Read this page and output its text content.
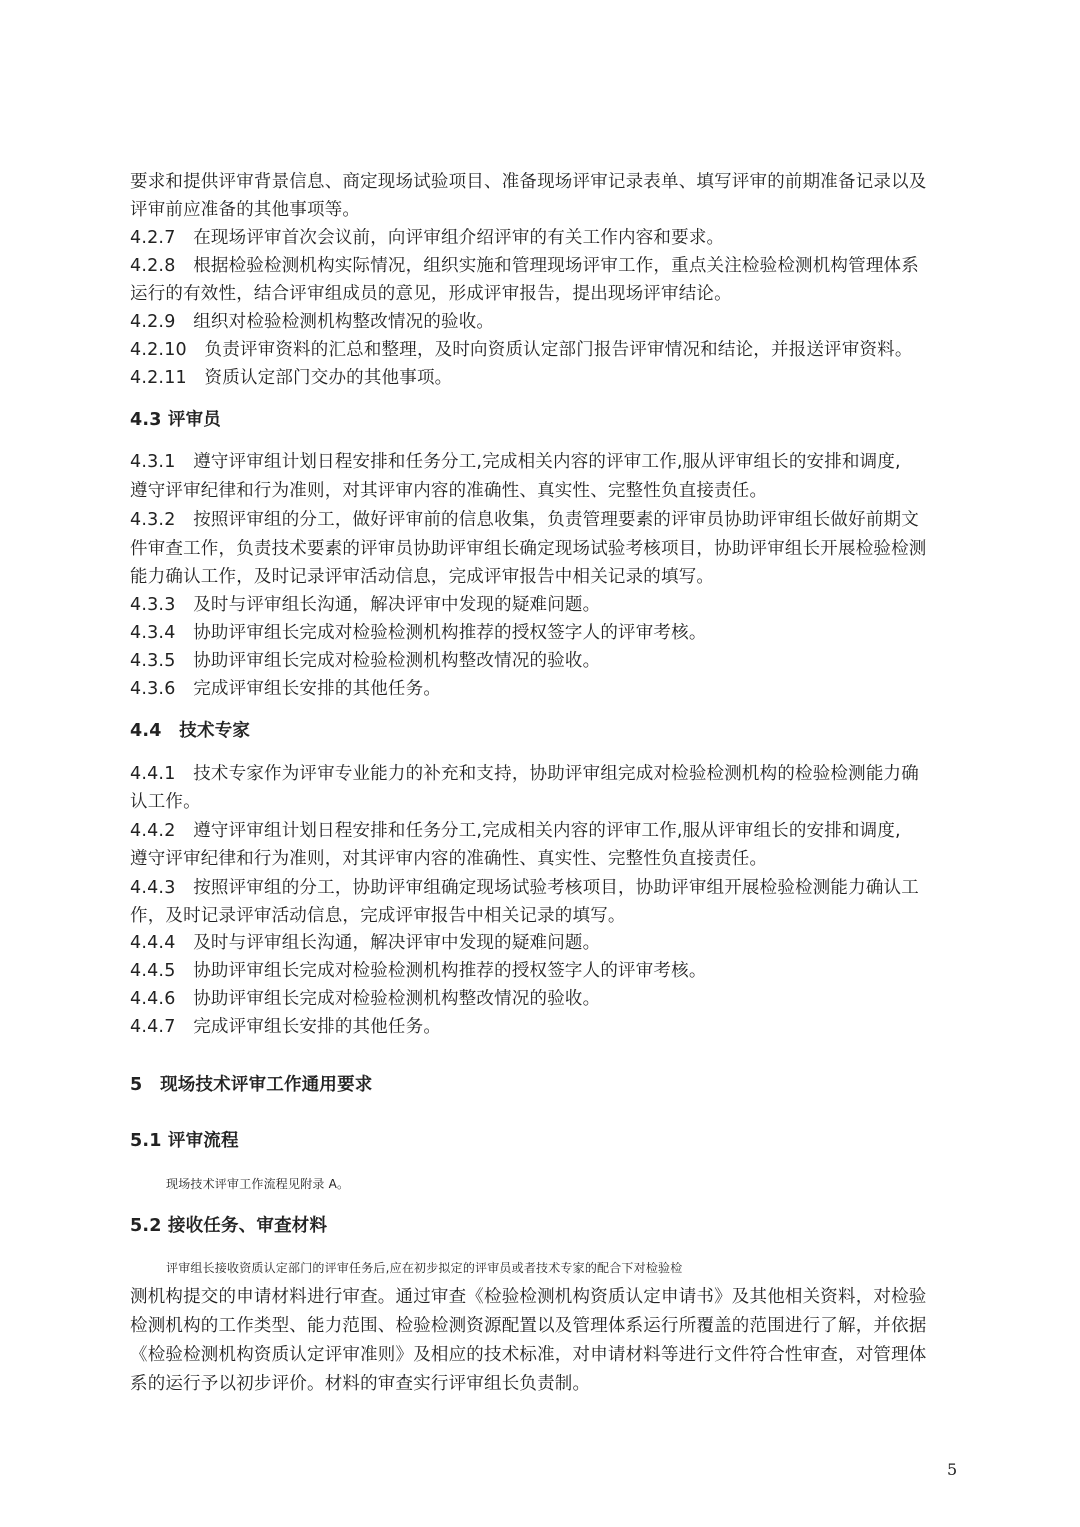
要求和提供评审背景信息、商定现场试验项目、准备现场评审记录表单、填写评审的前期准备记录以及
评审前应准备的其他事项等。
4.2.7　在现场评审首次会议前，向评审组介绍评审的有关工作内容和要求。
4.2.8　根据检验检测机构实际情况，组织实施和管理现场评审工作，重点关注检验检测机构管理体系
运行的有效性，结合评审组成员的意见，形成评审报告，提出现场评审结论。
4.2.9　组织对检验检测机构整改情况的验收。
4.2.10　负责评审资料的汇总和整理，及时向资质认定部门报告评审情况和结论，并报送评审资料。
4.2.11　资质认定部门交办的其他事项。
4.3 评审员
4.3.1　遵守评审组计划日程安排和任务分工,完成相关内容的评审工作,服从评审组长的安排和调度,
遵守评审纪律和行为准则，对其评审内容的准确性、真实性、完整性负直接责任。
4.3.2　按照评审组的分工，做好评审前的信息收集，负责管理要素的评审员协助评审组长做好前期文
件审查工作，负责技术要素的评审员协助评审组长确定现场试验考核项目，协助评审组长开展检验检测
能力确认工作，及时记录评审活动信息，完成评审报告中相关记录的填写。
4.3.3　及时与评审组长沟通，解决评审中发现的疑难问题。
4.3.4　协助评审组长完成对检验检测机构推荐的授权签字人的评审考核。
4.3.5　协助评审组长完成对检验检测机构整改情况的验收。
4.3.6　完成评审组长安排的其他任务。
4.4　技术专家
4.4.1　技术专家作为评审专业能力的补充和支持，协助评审组完成对检验检测机构的检验检测能力确
认工作。
4.4.2　遵守评审组计划日程安排和任务分工,完成相关内容的评审工作,服从评审组长的安排和调度,
遵守评审纪律和行为准则，对其评审内容的准确性、真实性、完整性负直接责任。
4.4.3　按照评审组的分工，协助评审组确定现场试验考核项目，协助评审组开展检验检测能力确认工
作，及时记录评审活动信息，完成评审报告中相关记录的填写。
4.4.4　及时与评审组长沟通，解决评审中发现的疑难问题。
4.4.5　协助评审组长完成对检验检测机构推荐的授权签字人的评审考核。
4.4.6　协助评审组长完成对检验检测机构整改情况的验收。
4.4.7　完成评审组长安排的其他任务。
5　现场技术评审工作通用要求
5.1 评审流程
现场技术评审工作流程见附录 A。
5.2 接收任务、审查材料
评审组长接收资质认定部门的评审任务后,应在初步拟定的评审员或者技术专家的配合下对检验检
测机构提交的申请材料进行审查。通过审查《检验检测机构资质认定申请书》及其他相关资料，对检验
检测机构的工作类型、能力范围、检验检测资源配置以及管理体系运行所覆盖的范围进行了解，并依据
《检验检测机构资质认定评审准则》及相应的技术标准，对申请材料等进行文件符合性审查，对管理体
系的运行予以初步评价。材料的审查实行评审组长负责制。
5
